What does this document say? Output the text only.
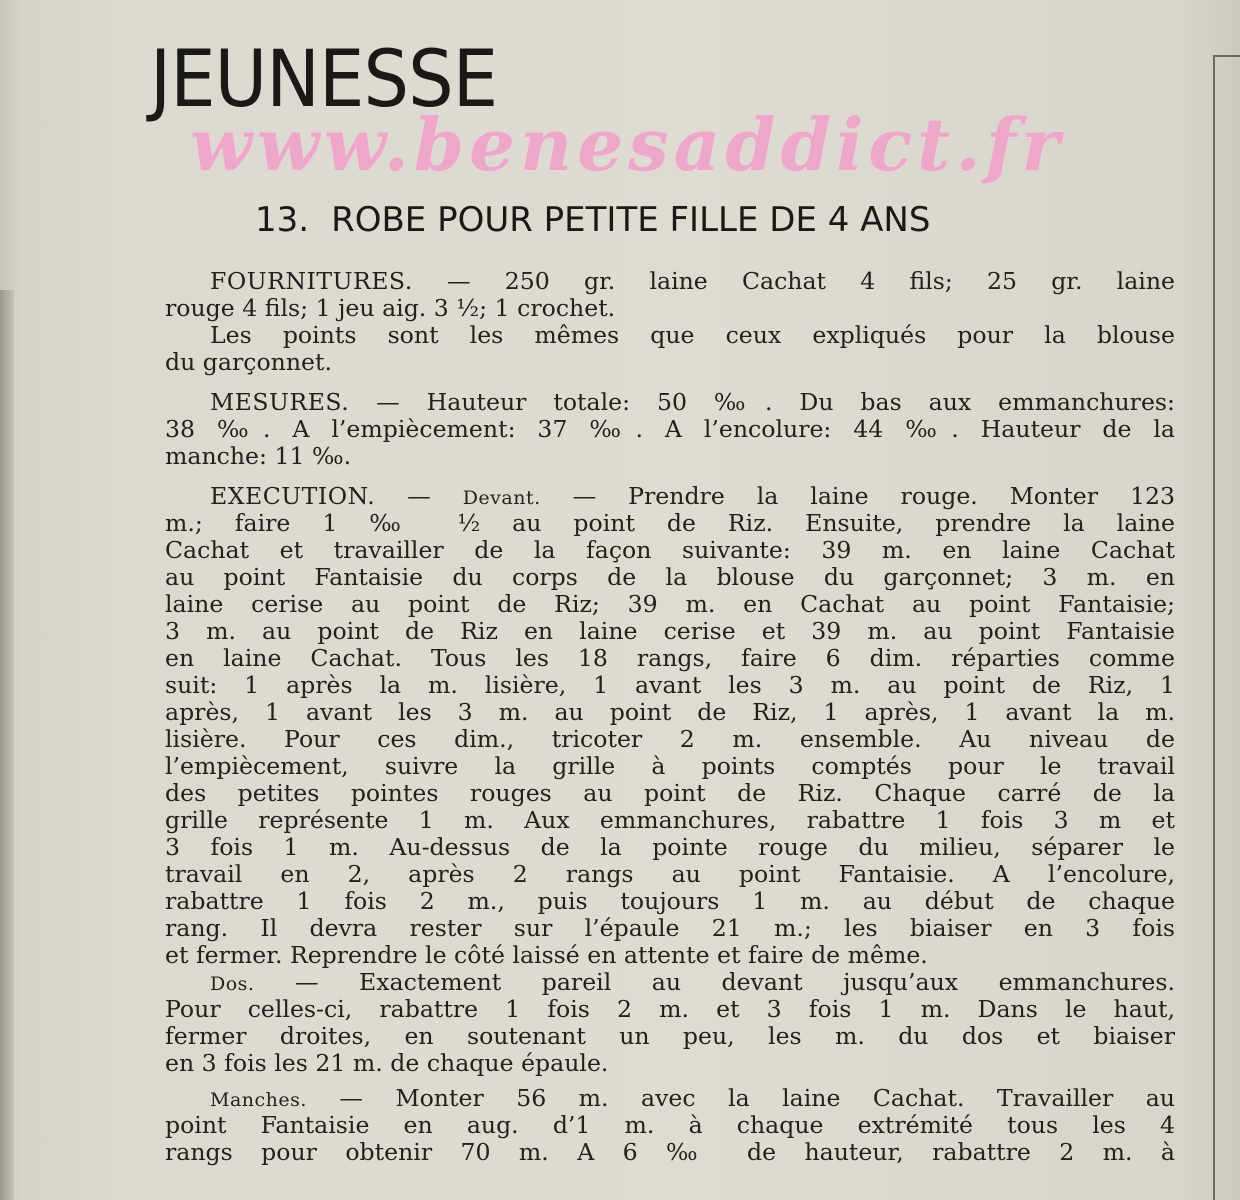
JEUNESSE
www.benesaddict.fr
13. ROBE POUR PETITE FILLE DE 4 ANS
FOURNITURES. — 250 gr. laine Cachat 4 fils; 25 gr. laine
rouge 4 fils; 1 jeu aig. 3 ½; 1 crochet.
Les points sont les mêmes que ceux expliqués pour la blouse
du garçonnet.
MESURES. — Hauteur totale: 50 ‰. Du bas aux emmanchures:
38 ‰. A l’empiècement: 37 ‰. A l’encolure: 44 ‰. Hauteur de la
manche: 11 ‰.
EXECUTION. — Devant. — Prendre la laine rouge. Monter 123
m.; faire 1 ‰ ½ au point de Riz. Ensuite, prendre la laine
Cachat et travailler de la façon suivante: 39 m. en laine Cachat
au point Fantaisie du corps de la blouse du garçonnet; 3 m. en
laine cerise au point de Riz; 39 m. en Cachat au point Fantaisie;
3 m. au point de Riz en laine cerise et 39 m. au point Fantaisie
en laine Cachat. Tous les 18 rangs, faire 6 dim. réparties comme
suit: 1 après la m. lisière, 1 avant les 3 m. au point de Riz, 1
après, 1 avant les 3 m. au point de Riz, 1 après, 1 avant la m.
lisière. Pour ces dim., tricoter 2 m. ensemble. Au niveau de
l’empiècement, suivre la grille à points comptés pour le travail
des petites pointes rouges au point de Riz. Chaque carré de la
grille représente 1 m. Aux emmanchures, rabattre 1 fois 3 m et
3 fois 1 m. Au-dessus de la pointe rouge du milieu, séparer le
travail en 2, après 2 rangs au point Fantaisie. A l’encolure,
rabattre 1 fois 2 m., puis toujours 1 m. au début de chaque
rang. Il devra rester sur l’épaule 21 m.; les biaiser en 3 fois
et fermer. Reprendre le côté laissé en attente et faire de même.
Dos. — Exactement pareil au devant jusqu’aux emmanchures.
Pour celles-ci, rabattre 1 fois 2 m. et 3 fois 1 m. Dans le haut,
fermer droites, en soutenant un peu, les m. du dos et biaiser
en 3 fois les 21 m. de chaque épaule.
Manches. — Monter 56 m. avec la laine Cachat. Travailler au
point Fantaisie en aug. d’1 m. à chaque extrémité tous les 4
rangs pour obtenir 70 m. A 6 ‰ de hauteur, rabattre 2 m. à
